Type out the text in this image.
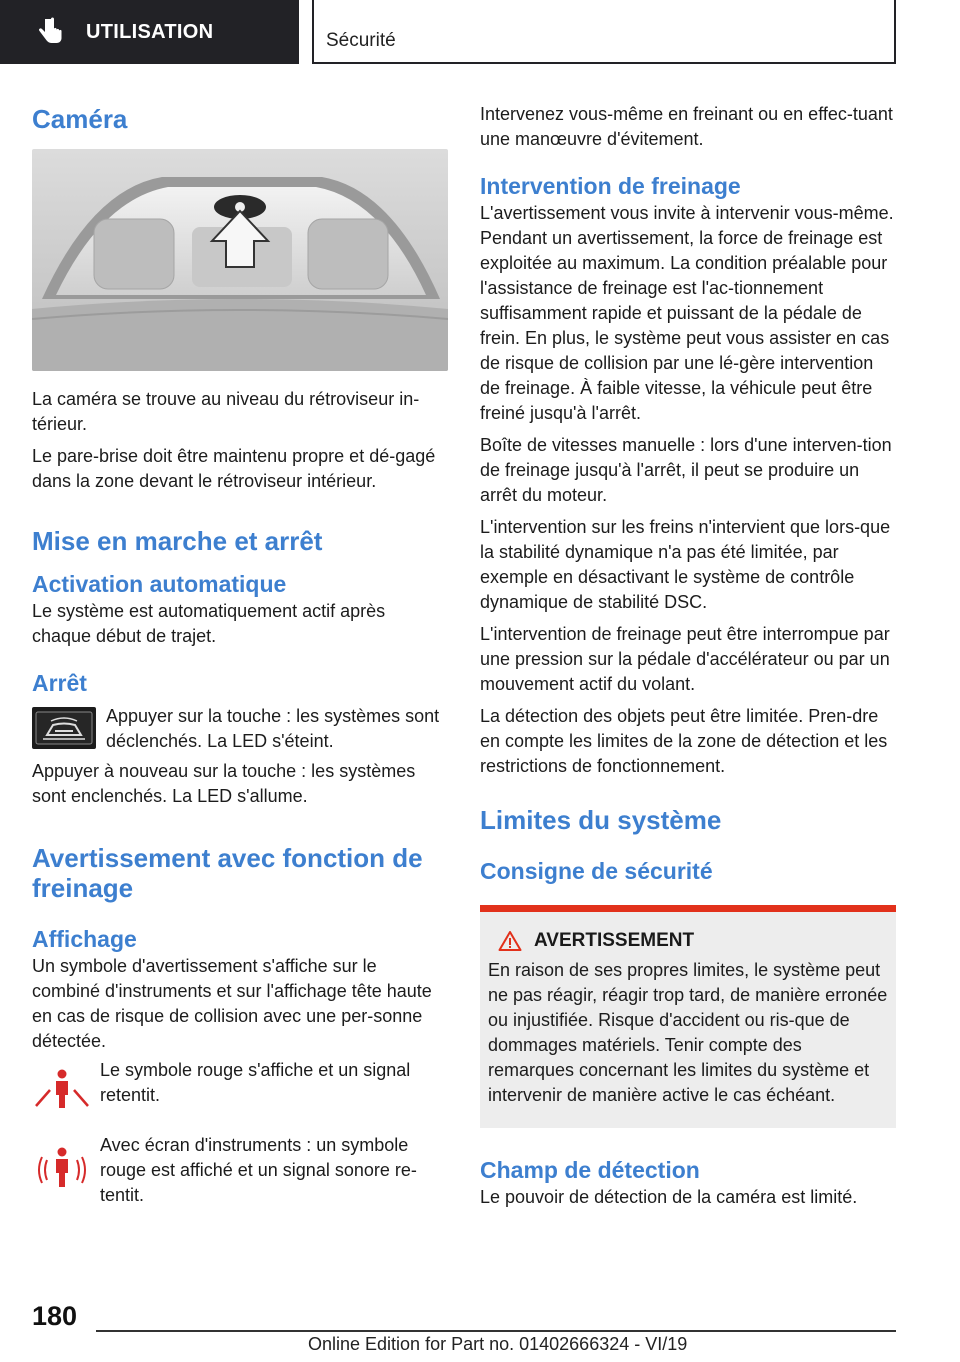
UTILISATION	Sécurité
Caméra

La caméra se trouve au niveau du rétroviseur in-térieur.

Le pare-brise doit être maintenu propre et dé-gagé dans la zone devant le rétroviseur intérieur.

Mise en marche et arrêt
Activation automatique

Le système est automatiquement actif après chaque début de trajet.

Arrêt

Appuyer sur la touche : les systèmes sont déclenchés. La LED s'éteint.

Appuyer à nouveau sur la touche : les systèmes sont enclenchés. La LED s'allume.

Avertissement avec fonction de freinage
Affichage

Un symbole d'avertissement s'affiche sur le combiné d'instruments et sur l'affichage tête haute en cas de risque de collision avec une per-sonne détectée.

Le symbole rouge s'affiche et un signal retentit.

Avec écran d'instruments : un symbole rouge est affiché et un signal sonore re-tentit.

Intervenez vous-même en freinant ou en effec-tuant une manœuvre d'évitement.

Intervention de freinage

L'avertissement vous invite à intervenir vous-même. Pendant un avertissement, la force de freinage est exploitée au maximum. La condition préalable pour l'assistance de freinage est l'ac-tionnement suffisamment rapide et puissant de la pédale de frein. En plus, le système peut vous assister en cas de risque de collision par une lé-gère intervention de freinage. À faible vitesse, la véhicule peut être freiné jusqu'à l'arrêt.

Boîte de vitesses manuelle : lors d'une interven-tion de freinage jusqu'à l'arrêt, il peut se produire un arrêt du moteur.

L'intervention sur les freins n'intervient que lors-que la stabilité dynamique n'a pas été limitée, par exemple en désactivant le système de contrôle dynamique de stabilité DSC.

L'intervention de freinage peut être interrompue par une pression sur la pédale d'accélérateur ou par un mouvement actif du volant.

La détection des objets peut être limitée. Pren-dre en compte les limites de la zone de détection et les restrictions de fonctionnement.

Limites du système
Consigne de sécurité
AVERTISSEMENT

En raison de ses propres limites, le système peut ne pas réagir, réagir trop tard, de manière erronée ou injustifiée. Risque d'accident ou ris-que de dommages matériels. Tenir compte des remarques concernant les limites du système et intervenir de manière active le cas échéant.

Champ de détection

Le pouvoir de détection de la caméra est limité.

180
Online Edition for Part no. 01402666324 - VI/19
